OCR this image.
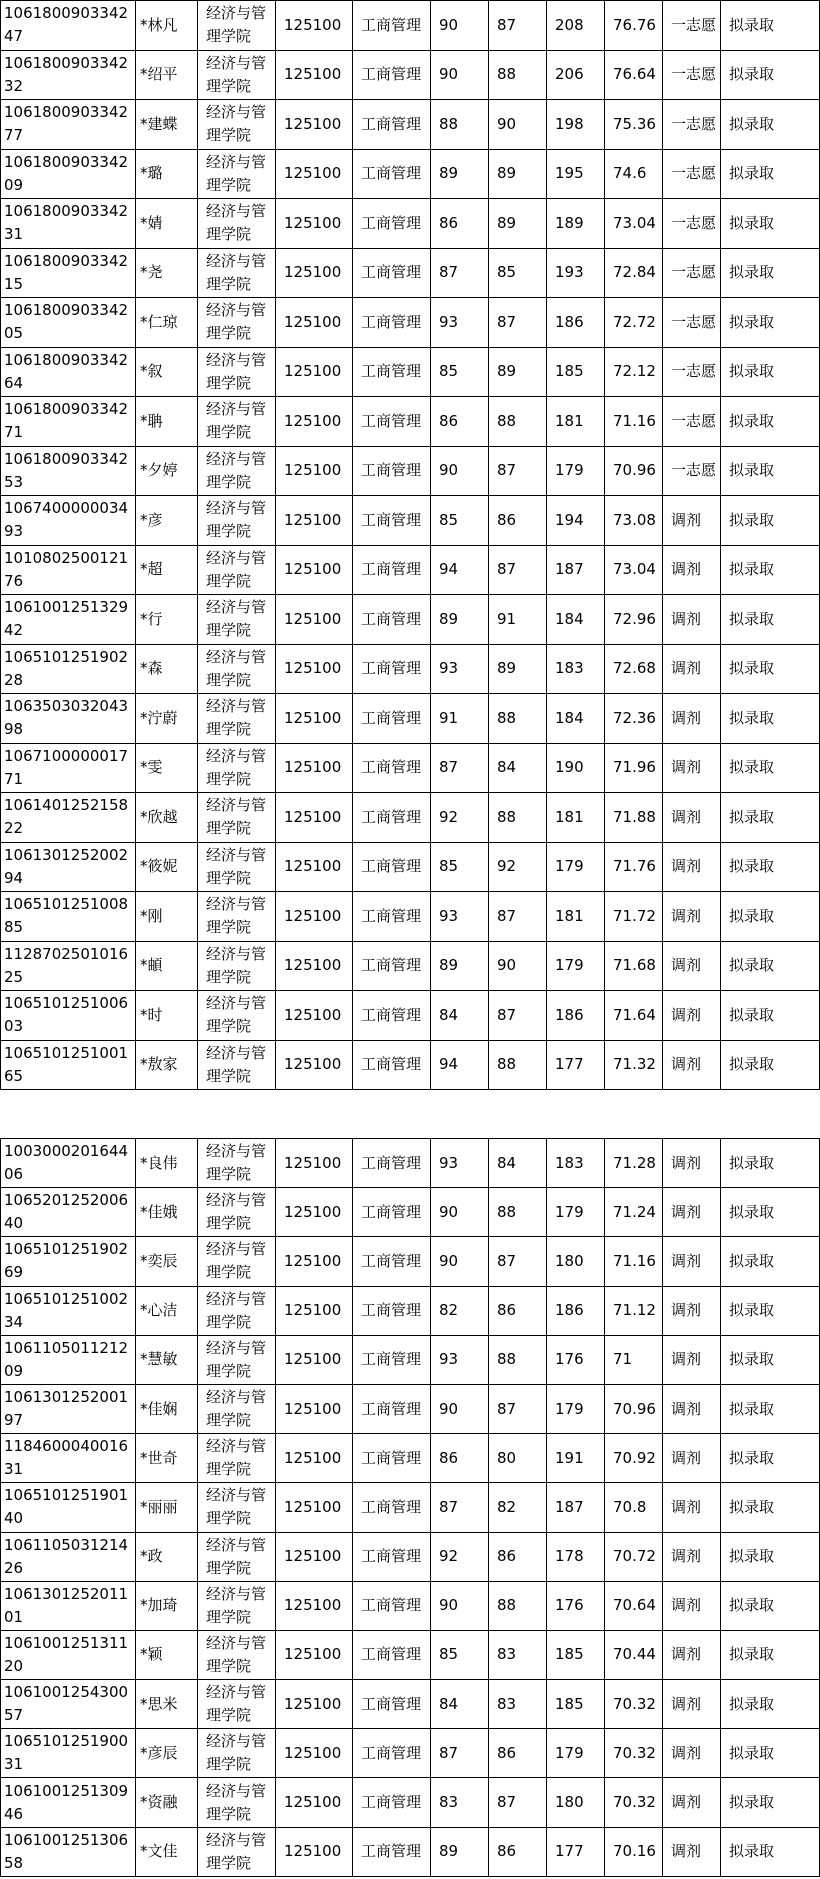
106180090334247	*林凡	经济与管理学院	125100	工商管理	90	87	208	76.76	一志愿	拟录取
106180090334232	*绍平	经济与管理学院	125100	工商管理	90	88	206	76.64	一志愿	拟录取
106180090334277	*建蝶	经济与管理学院	125100	工商管理	88	90	198	75.36	一志愿	拟录取
106180090334209	*璐	经济与管理学院	125100	工商管理	89	89	195	74.6	一志愿	拟录取
106180090334231	*婧	经济与管理学院	125100	工商管理	86	89	189	73.04	一志愿	拟录取
106180090334215	*尧	经济与管理学院	125100	工商管理	87	85	193	72.84	一志愿	拟录取
106180090334205	*仁琼	经济与管理学院	125100	工商管理	93	87	186	72.72	一志愿	拟录取
106180090334264	*叙	经济与管理学院	125100	工商管理	85	89	185	72.12	一志愿	拟录取
106180090334271	*聃	经济与管理学院	125100	工商管理	86	88	181	71.16	一志愿	拟录取
106180090334253	*夕婷	经济与管理学院	125100	工商管理	90	87	179	70.96	一志愿	拟录取
106740000003493	*彦	经济与管理学院	125100	工商管理	85	86	194	73.08	调剂	拟录取
101080250012176	*超	经济与管理学院	125100	工商管理	94	87	187	73.04	调剂	拟录取
106100125132942	*行	经济与管理学院	125100	工商管理	89	91	184	72.96	调剂	拟录取
106510125190228	*森	经济与管理学院	125100	工商管理	93	89	183	72.68	调剂	拟录取
106350303204398	*泞蔚	经济与管理学院	125100	工商管理	91	88	184	72.36	调剂	拟录取
106710000001771	*雯	经济与管理学院	125100	工商管理	87	84	190	71.96	调剂	拟录取
106140125215822	*欣越	经济与管理学院	125100	工商管理	92	88	181	71.88	调剂	拟录取
106130125200294	*筱妮	经济与管理学院	125100	工商管理	85	92	179	71.76	调剂	拟录取
106510125100885	*刚	经济与管理学院	125100	工商管理	93	87	181	71.72	调剂	拟录取
112870250101625	*頔	经济与管理学院	125100	工商管理	89	90	179	71.68	调剂	拟录取
106510125100603	*时	经济与管理学院	125100	工商管理	84	87	186	71.64	调剂	拟录取
106510125100165	*敖家	经济与管理学院	125100	工商管理	94	88	177	71.32	调剂	拟录取
100300020164406	*良伟	经济与管理学院	125100	工商管理	93	84	183	71.28	调剂	拟录取
106520125200640	*佳娥	经济与管理学院	125100	工商管理	90	88	179	71.24	调剂	拟录取
106510125190269	*奕辰	经济与管理学院	125100	工商管理	90	87	180	71.16	调剂	拟录取
106510125100234	*心洁	经济与管理学院	125100	工商管理	82	86	186	71.12	调剂	拟录取
106110501121209	*慧敏	经济与管理学院	125100	工商管理	93	88	176	71	调剂	拟录取
106130125200197	*佳娴	经济与管理学院	125100	工商管理	90	87	179	70.96	调剂	拟录取
118460004001631	*世奇	经济与管理学院	125100	工商管理	86	80	191	70.92	调剂	拟录取
106510125190140	*丽丽	经济与管理学院	125100	工商管理	87	82	187	70.8	调剂	拟录取
106110503121426	*政	经济与管理学院	125100	工商管理	92	86	178	70.72	调剂	拟录取
106130125201101	*加琦	经济与管理学院	125100	工商管理	90	88	176	70.64	调剂	拟录取
106100125131120	*颖	经济与管理学院	125100	工商管理	85	83	185	70.44	调剂	拟录取
106100125430057	*思米	经济与管理学院	125100	工商管理	84	83	185	70.32	调剂	拟录取
106510125190031	*彦辰	经济与管理学院	125100	工商管理	87	86	179	70.32	调剂	拟录取
106100125130946	*资融	经济与管理学院	125100	工商管理	83	87	180	70.32	调剂	拟录取
106100125130658	*文佳	经济与管理学院	125100	工商管理	89	86	177	70.16	调剂	拟录取
